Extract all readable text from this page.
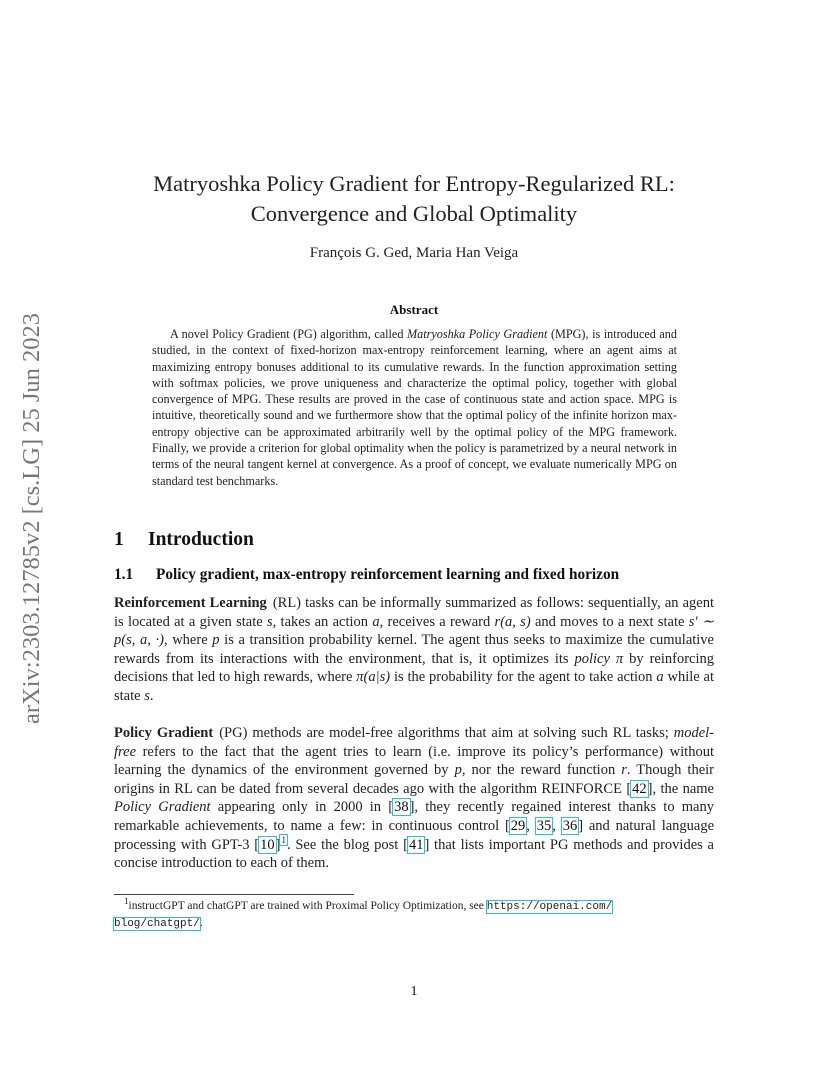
arXiv:2303.12785v2 [cs.LG] 25 Jun 2023
Matryoshka Policy Gradient for Entropy-Regularized RL:
Convergence and Global Optimality
François G. Ged, Maria Han Veiga
Abstract

A novel Policy Gradient (PG) algorithm, called Matryoshka Policy Gradient (MPG), is introduced and studied, in the context of fixed-horizon max-entropy reinforcement learning, where an agent aims at maximizing entropy bonuses additional to its cumulative rewards. In the function approximation setting with softmax policies, we prove uniqueness and characterize the optimal policy, together with global convergence of MPG. These results are proved in the case of continuous state and action space. MPG is intuitive, theoretically sound and we furthermore show that the optimal policy of the infinite horizon max-entropy objective can be approximated arbitrarily well by the optimal policy of the MPG framework. Finally, we provide a criterion for global optimality when the policy is parametrized by a neural network in terms of the neural tangent kernel at convergence. As a proof of concept, we evaluate numerically MPG on standard test benchmarks.

1 Introduction
1.1 Policy gradient, max-entropy reinforcement learning and fixed horizon

Reinforcement Learning (RL) tasks can be informally summarized as follows: sequentially, an agent is located at a given state s, takes an action a, receives a reward r(a, s) and moves to a next state s′ ∼ p(s, a, ·), where p is a transition probability kernel. The agent thus seeks to maximize the cumulative rewards from its interactions with the environment, that is, it optimizes its policy π by reinforcing decisions that led to high rewards, where π(a|s) is the probability for the agent to take action a while at state s.

Policy Gradient (PG) methods are model-free algorithms that aim at solving such RL tasks; model-free refers to the fact that the agent tries to learn (i.e. improve its policy’s performance) without learning the dynamics of the environment governed by p, nor the reward function r. Though their origins in RL can be dated from several decades ago with the algorithm REINFORCE [42], the name Policy Gradient appearing only in 2000 in [38], they recently regained interest thanks to many remarkable achievements, to name a few: in continuous control [29, 35, 36] and natural language processing with GPT-3 $[10]^1$. See the blog post [41] that lists important PG methods and provides a concise introduction to each of them.

$^1$instructGPT and chatGPT are trained with Proximal Policy Optimization, see https://openai.com/
blog/chatgpt/.

1
